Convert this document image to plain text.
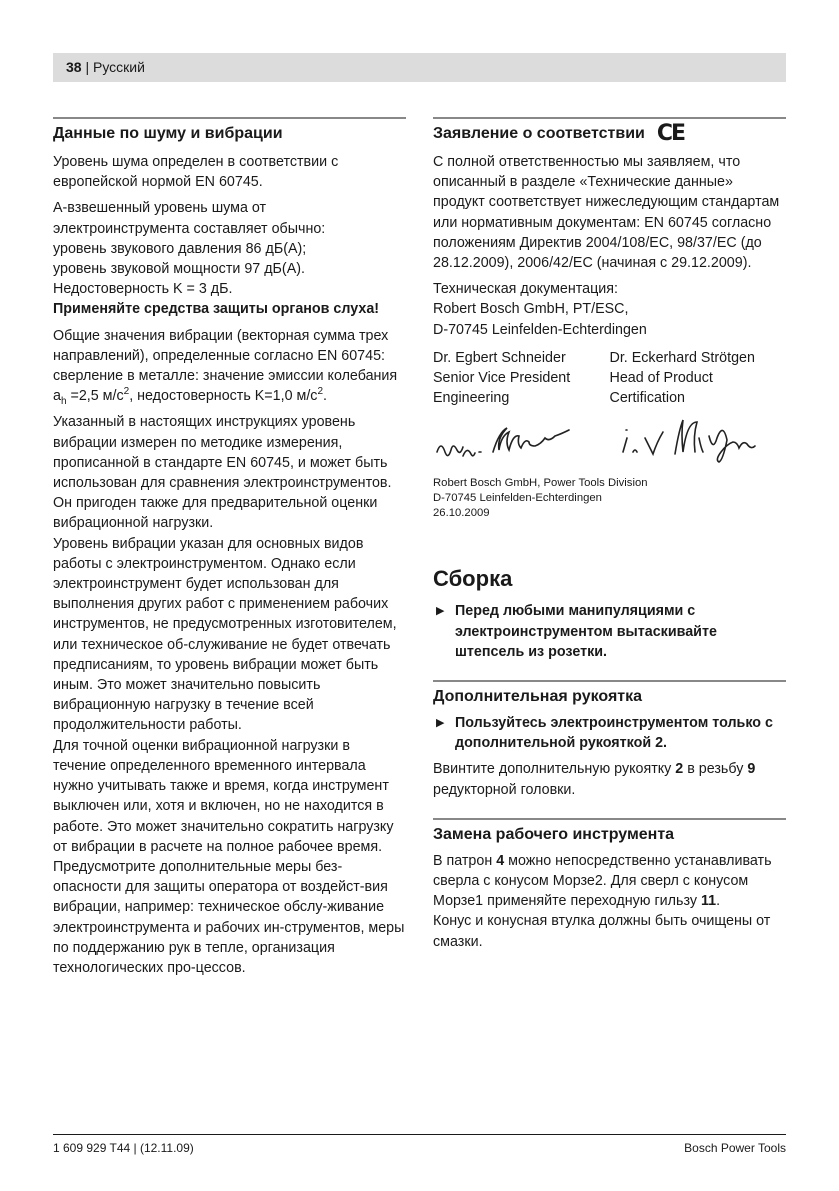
38 | Русский
Данные по шуму и вибрации

Уровень шума определен в соответствии с европейской нормой EN 60745.

А-взвешенный уровень шума от
электроинструмента составляет обычно:
уровень звукового давления 86 дБ(A);
уровень звуковой мощности 97 дБ(A).
Недостоверность K = 3 дБ.

Применяйте средства защиты органов слуха!

Общие значения вибрации (векторная сумма трех направлений), определенные согласно EN 60745: сверление в металле: значение эмиссии колебания $a_h =2,5$ $м/с^2$, недостоверность K=1,0 $м/с^2$.

Указанный в настоящих инструкциях уровень вибрации измерен по методике измерения, прописанной в стандарте EN 60745, и может быть использован для сравнения электроинструментов. Он пригоден также для предварительной оценки вибрационной нагрузки.

Уровень вибрации указан для основных видов работы с электроинструментом. Однако если электроинструмент будет использован для выполнения других работ с применением рабочих инструментов, не предусмотренных изготовителем, или техническое об-служивание не будет отвечать предписаниям, то уровень вибрации может быть иным. Это может значительно повысить вибрационную нагрузку в течение всей продолжительности работы.

Для точной оценки вибрационной нагрузки в течение определенного временного интервала нужно учитывать также и время, когда инструмент выключен или, хотя и включен, но не находится в работе. Это может значительно сократить нагрузку от вибрации в расчете на полное рабочее время.

Предусмотрите дополнительные меры без-опасности для защиты оператора от воздейст-вия вибрации, например: техническое обслу-живание электроинструмента и рабочих ин-струментов, меры по поддержанию рук в тепле, организация технологических про-цессов.

Заявление о соответствии CE

С полной ответственностью мы заявляем, что описанный в разделе «Технические данные» продукт соответствует нижеследующим стандартам или нормативным документам: EN 60745 согласно положениям Директив 2004/108/EC, 98/37/EC (до 28.12.2009), 2006/42/EC (начиная с 29.12.2009).

Техническая документация:
Robert Bosch GmbH, PT/ESC,
D-70745 Leinfelden-Echterdingen

Dr. Egbert Schneider

Senior Vice President

Engineering

Dr. Eckerhard Strötgen

Head of Product

Certification

Robert Bosch GmbH, Power Tools Division
D-70745 Leinfelden-Echterdingen
26.10.2009

Сборка
▶ Перед любыми манипуляциями с электроинструментом вытаскивайте штепсель из розетки.
Дополнительная рукоятка
▶ Пользуйтесь электроинструментом только с дополнительной рукояткой 2.

Ввинтите дополнительную рукоятку 2 в резьбу 9 редукторной головки.

Замена рабочего инструмента

В патрон 4 можно непосредственно устанавливать сверла с конусом Морзе2. Для сверл с конусом Морзе1 применяйте переходную гильзу 11.

Конус и конусная втулка должны быть очищены от смазки.

1 609 929 T44 | (12.11.09)	Bosch Power Tools
